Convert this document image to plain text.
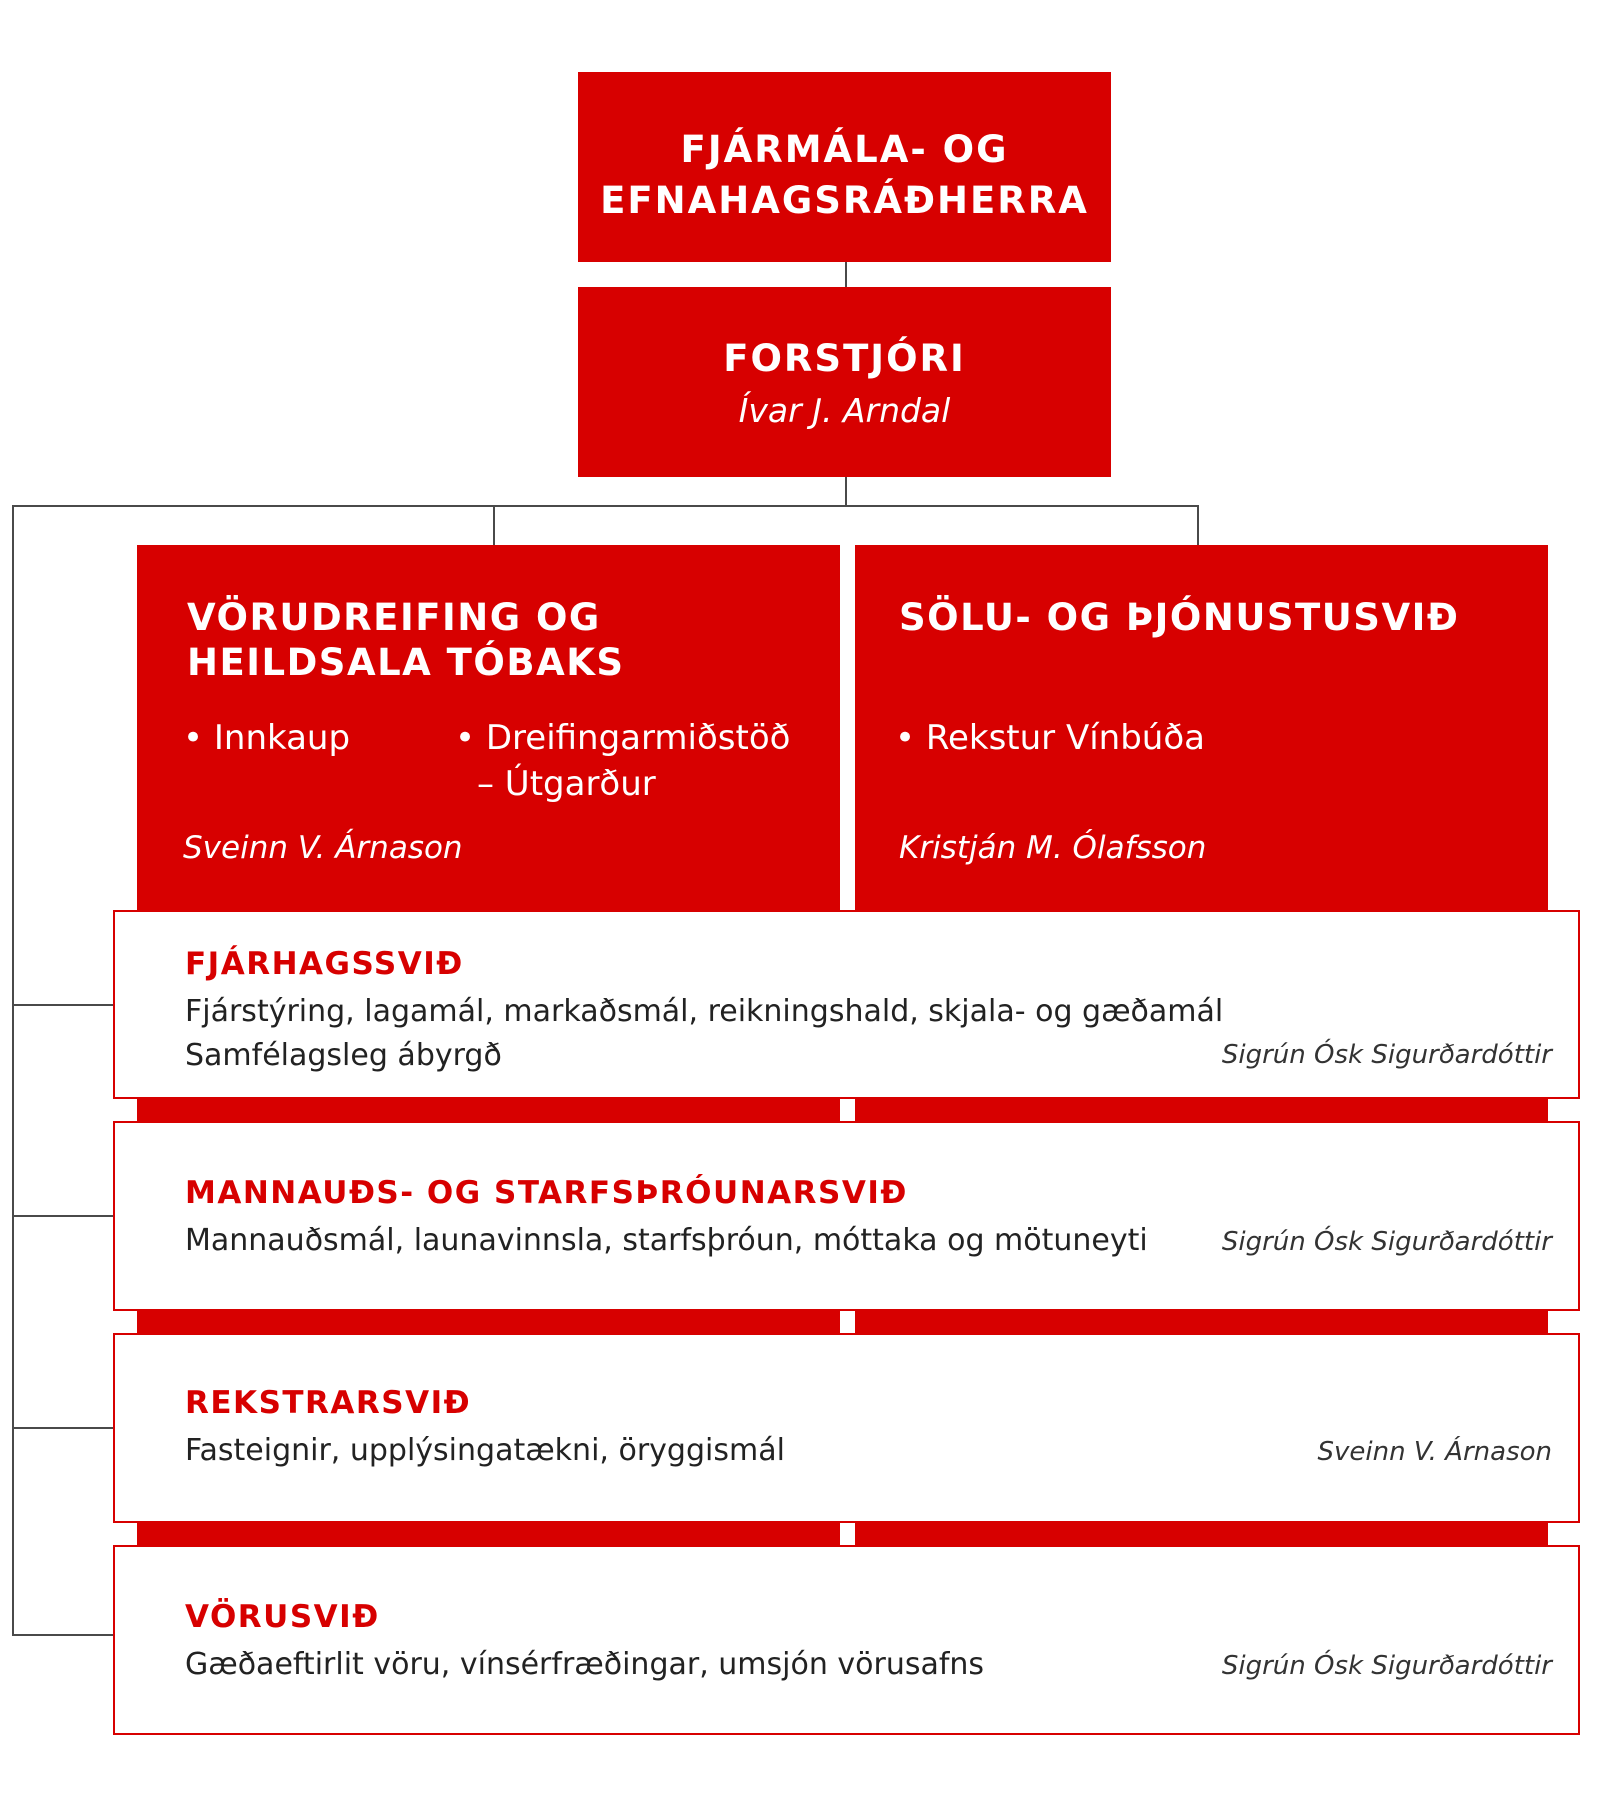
FJÁRMÁLA- OG
EFNAHAGSRÁÐHERRA
FORSTJÓRI
Ívar J. Arndal
VÖRUDREIFING OG HEILDSALA TÓBAKS
• Innkaup	• Dreifingarmiðstöð
– Útgarður
Sveinn V. Árnason
SÖLU- OG ÞJÓNUSTUSVIÐ
• Rekstur Vínbúða
Kristján M. Ólafsson
FJÁRHAGSSVIÐ
Fjárstýring, lagamál, markaðsmál, reikningshald, skjala- og gæðamál
Samfélagsleg ábyrgð	Sigrún Ósk Sigurðardóttir
MANNAUÐS- OG STARFSÞRÓUNARSVIÐ
Mannauðsmál, launavinnsla, starfsþróun, móttaka og mötuneyti	Sigrún Ósk Sigurðardóttir
REKSTRARSVIÐ
Fasteignir, upplýsingatækni, öryggismál	Sveinn V. Árnason
VÖRUSVIÐ
Gæðaeftirlit vöru, vínsérfræðingar, umsjón vörusafns	Sigrún Ósk Sigurðardóttir
